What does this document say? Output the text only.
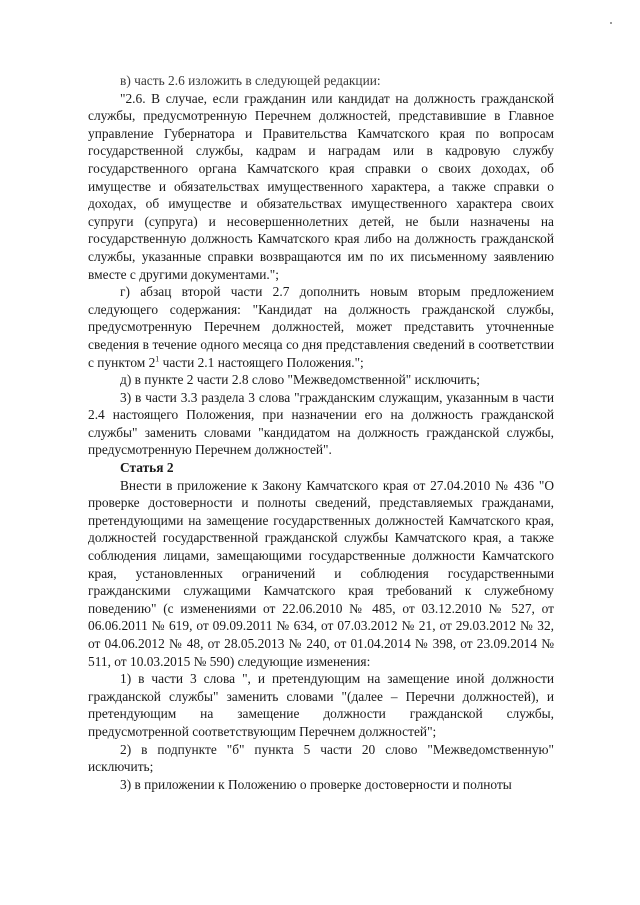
в) часть 2.6 изложить в следующей редакции:

"2.6. В случае, если гражданин или кандидат на должность гражданской службы, предусмотренную Перечнем должностей, представившие в Главное управление Губернатора и Правительства Камчатского края по вопросам государственной службы, кадрам и наградам или в кадровую службу государственного органа Камчатского края справки о своих доходах, об имуществе и обязательствах имущественного характера, а также справки о доходах, об имуществе и обязательствах имущественного характера своих супруги (супруга) и несовершеннолетних детей, не были назначены на государственную должность Камчатского края либо на должность гражданской службы, указанные справки возвращаются им по их письменному заявлению вместе с другими документами.";

г) абзац второй части 2.7 дополнить новым вторым предложением следующего содержания: "Кандидат на должность гражданской службы, предусмотренную Перечнем должностей, может представить уточненные сведения в течение одного месяца со дня представления сведений в соответствии с пунктом $2^1$ части 2.1 настоящего Положения.";

д) в пункте 2 части 2.8 слово "Межведомственной" исключить;

3) в части 3.3 раздела 3 слова "гражданским служащим, указанным в части 2.4 настоящего Положения, при назначении его на должность гражданской службы" заменить словами "кандидатом на должность гражданской службы, предусмотренную Перечнем должностей".

Статья 2

Внести в приложение к Закону Камчатского края от 27.04.2010 № 436 "О проверке достоверности и полноты сведений, представляемых гражданами, претендующими на замещение государственных должностей Камчатского края, должностей государственной гражданской службы Камчатского края, а также соблюдения лицами, замещающими государственные должности Камчатского края, установленных ограничений и соблюдения государственными гражданскими служащими Камчатского края требований к служебному поведению" (с изменениями от 22.06.2010 № 485, от 03.12.2010 № 527, от 06.06.2011 № 619, от 09.09.2011 № 634, от 07.03.2012 № 21, от 29.03.2012 № 32, от 04.06.2012 № 48, от 28.05.2013 № 240, от 01.04.2014 № 398, от 23.09.2014 № 511, от 10.03.2015 № 590) следующие изменения:

1) в части 3 слова ", и претендующим на замещение иной должности гражданской службы" заменить словами "(далее – Перечни должностей), и претендующим на замещение должности гражданской службы, предусмотренной соответствующим Перечнем должностей";

2) в подпункте "б" пункта 5 части 20 слово "Межведомственную" исключить;

3) в приложении к Положению о проверке достоверности и полноты
